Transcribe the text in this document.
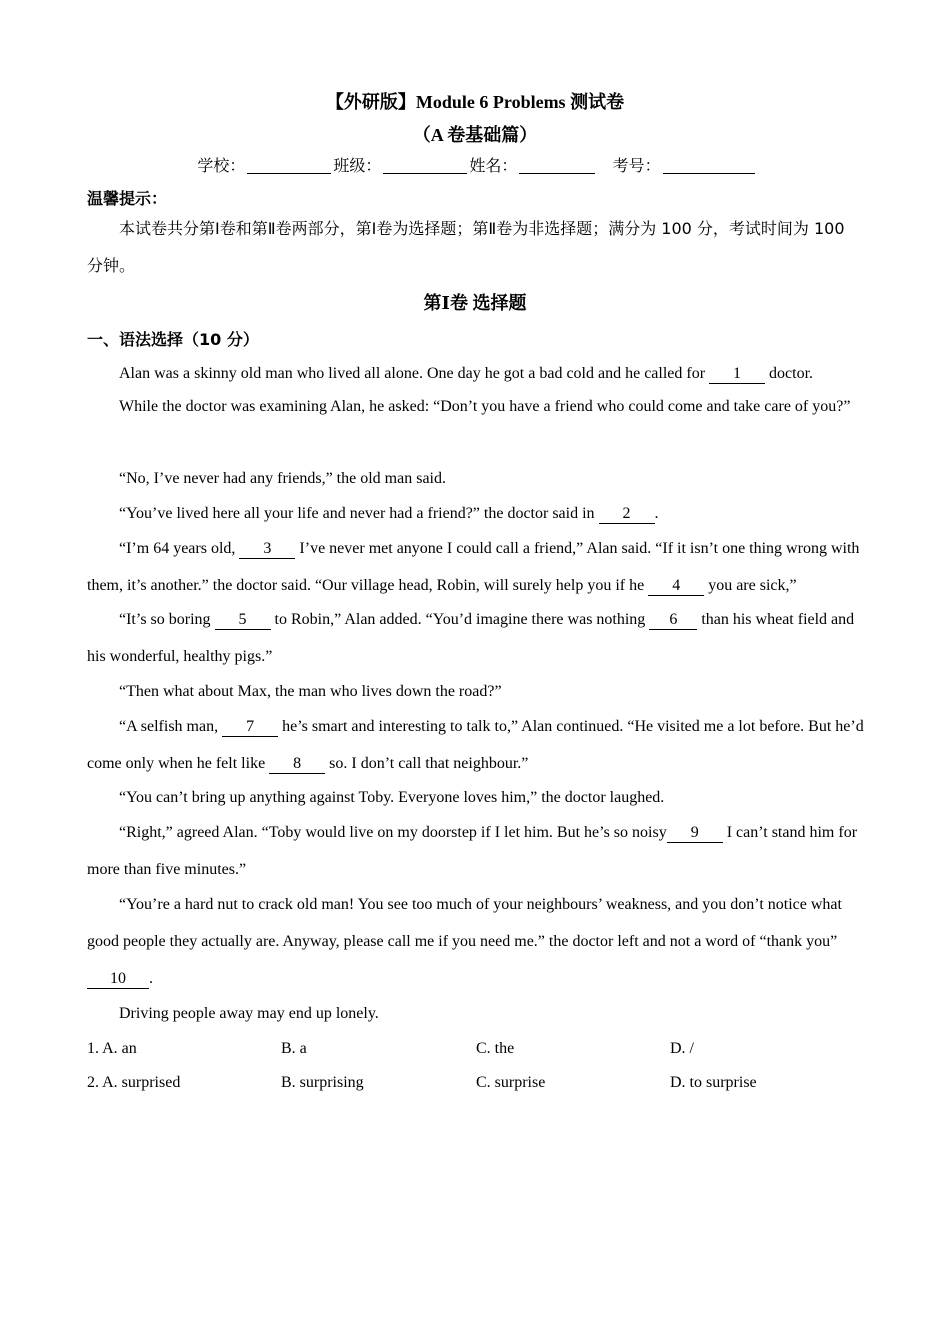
【外研版】Module 6 Problems 测试卷
（A 卷基础篇）
学校：	班级：	姓名：	考号：
温馨提示：
本试卷共分第Ⅰ卷和第Ⅱ卷两部分，第Ⅰ卷为选择题；第Ⅱ卷为非选择题；满分为 100 分，考试时间为 100 分钟。
第Ⅰ卷 选择题
一、语法选择（10 分）

Alan was a skinny old man who lived all alone. One day he got a bad cold and he called for 1 doctor.

While the doctor was examining Alan, he asked: “Don’t you have a friend who could come and take care of you?”

“No, I’ve never had any friends,” the old man said.

“You’ve lived here all your life and never had a friend?” the doctor said in 2 .

“I’m 64 years old, 3 I’ve never met anyone I could call a friend,” Alan said. “If it isn’t one thing wrong with them, it’s another.” the doctor said. “Our village head, Robin, will surely help you if he 4 you are sick,”

“It’s so boring 5 to Robin,” Alan added. “You’d imagine there was nothing 6 than his wheat field and his wonderful, healthy pigs.”

“Then what about Max, the man who lives down the road?”

“A selfish man, 7 he’s smart and interesting to talk to,” Alan continued. “He visited me a lot before. But he’d come only when he felt like 8 so. I don’t call that neighbour.”

“You can’t bring up anything against Toby. Everyone loves him,” the doctor laughed.

“Right,” agreed Alan. “Toby would live on my doorstep if I let him. But he’s so noisy 9 I can’t stand him for more than five minutes.”

“You’re a hard nut to crack old man! You see too much of your neighbours’ weakness, and you don’t notice what good people they actually are. Anyway, please call me if you need me.” the doctor left and not a word of “thank you” 10 .

Driving people away may end up lonely.

1. A. an	B. a	C. the	D. /
2. A. surprised	B. surprising	C. surprise	D. to surprise
